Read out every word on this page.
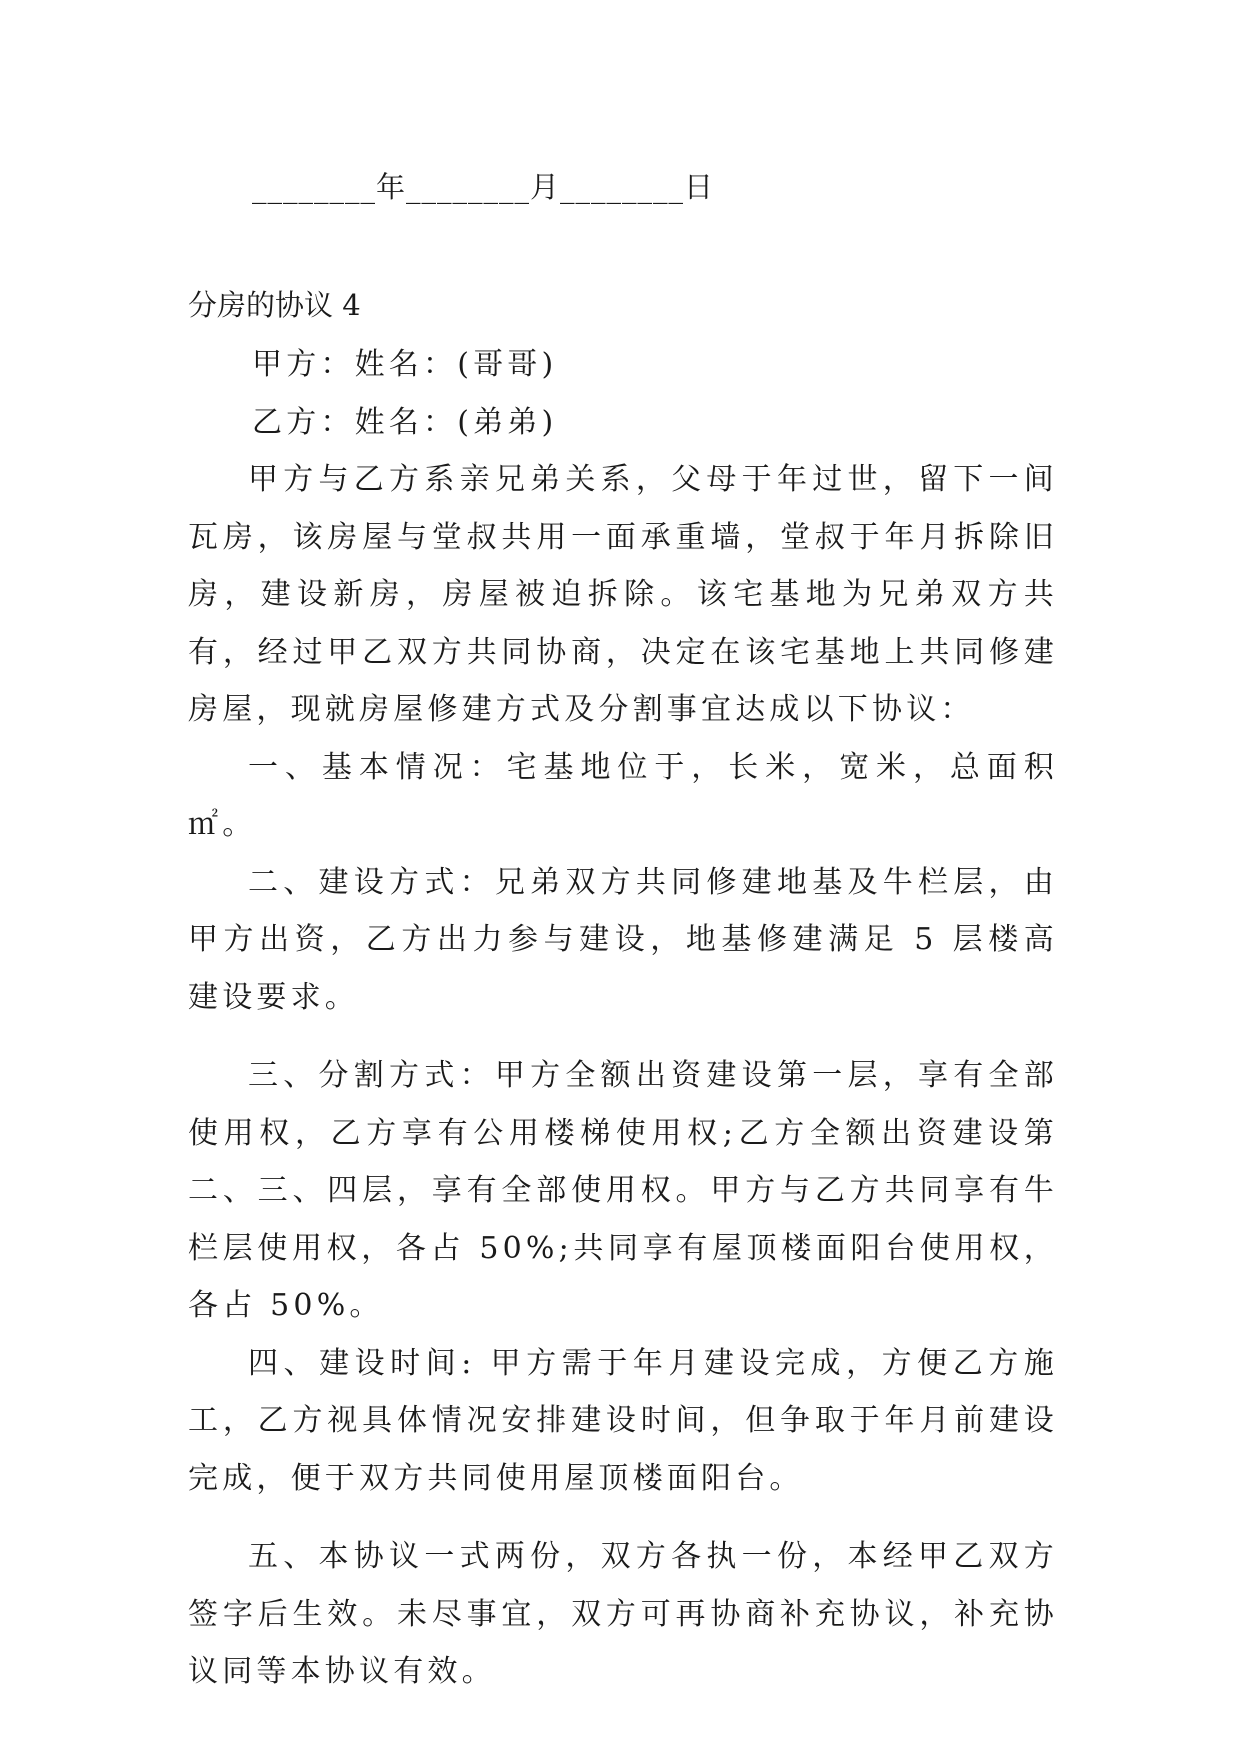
________年________月________日
分房的协议 4
甲方：姓名：(哥哥)
乙方：姓名：(弟弟)

甲方与乙方系亲兄弟关系，父母于年过世，留下一间瓦房，该房屋与堂叔共用一面承重墙，堂叔于年月拆除旧房，建设新房，房屋被迫拆除。该宅基地为兄弟双方共有，经过甲乙双方共同协商，决定在该宅基地上共同修建房屋，现就房屋修建方式及分割事宜达成以下协议：

一、基本情况：宅基地位于，长米，宽米，总面积㎡。

二、建设方式：兄弟双方共同修建地基及牛栏层，由甲方出资，乙方出力参与建设，地基修建满足 5 层楼高建设要求。

三、分割方式：甲方全额出资建设第一层，享有全部使用权，乙方享有公用楼梯使用权;乙方全额出资建设第二、三、四层，享有全部使用权。甲方与乙方共同享有牛栏层使用权，各占 50%;共同享有屋顶楼面阳台使用权，各占 50%。

四、建设时间: 甲方需于年月建设完成，方便乙方施工，乙方视具体情况安排建设时间，但争取于年月前建设完成，便于双方共同使用屋顶楼面阳台。

五、本协议一式两份，双方各执一份，本经甲乙双方签字后生效。未尽事宜，双方可再协商补充协议，补充协议同等本协议有效。
